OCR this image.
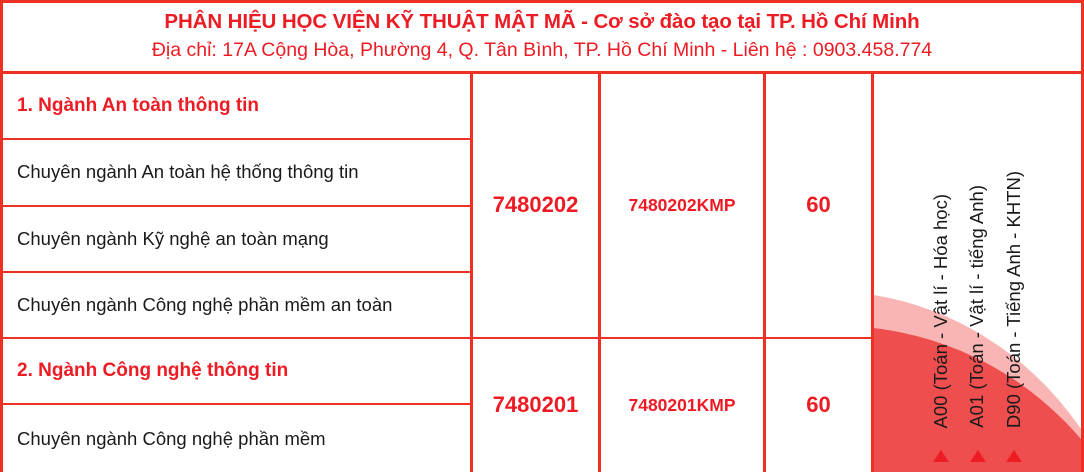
PHÂN HIỆU HỌC VIỆN KỸ THUẬT MẬT MÃ - Cơ sở đào tạo tại TP. Hồ Chí Minh
Địa chỉ: 17A Cộng Hòa, Phường 4, Q. Tân Bình, TP. Hồ Chí Minh - Liên hệ : 0903.458.774
1. Ngành An toàn thông tin
Chuyên ngành An toàn hệ thống thông tin
Chuyên ngành Kỹ nghệ an toàn mạng
Chuyên ngành Công nghệ phần mềm an toàn
2. Ngành Công nghệ thông tin
Chuyên ngành Công nghệ phần mềm
7480202
7480201
7480202KMP
7480201KMP
60
60	A00 (Toán - Vật lí - Hóa học) A01 (Toán - Vật lí - tiếng Anh) D90 (Toán - Tiếng Anh - KHTN)
